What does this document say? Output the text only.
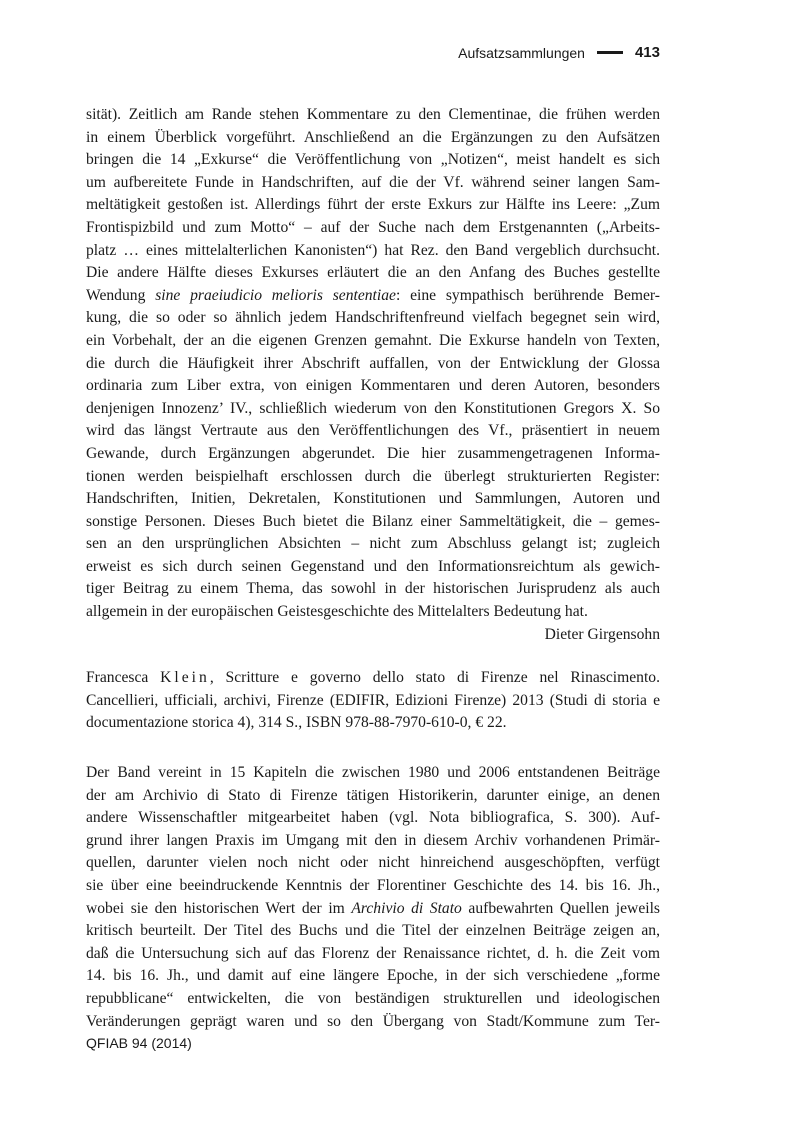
Aufsatzsammlungen	413
sität). Zeitlich am Rande stehen Kommentare zu den Clementinae, die frühen werden
in einem Überblick vorgeführt. Anschließend an die Ergänzungen zu den Aufsätzen
bringen die 14 „Exkurse“ die Veröffentlichung von „Notizen“, meist handelt es sich
um aufbereitete Funde in Handschriften, auf die der Vf. während seiner langen Sam-
meltätigkeit gestoßen ist. Allerdings führt der erste Exkurs zur Hälfte ins Leere: „Zum
Frontispizbild und zum Motto“ – auf der Suche nach dem Erstgenannten („Arbeits-
platz … eines mittelalterlichen Kanonisten“) hat Rez. den Band vergeblich durchsucht.
Die andere Hälfte dieses Exkurses erläutert die an den Anfang des Buches gestellte
Wendung sine praeiudicio melioris sententiae: eine sympathisch berührende Bemer-
kung, die so oder so ähnlich jedem Handschriftenfreund vielfach begegnet sein wird,
ein Vorbehalt, der an die eigenen Grenzen gemahnt. Die Exkurse handeln von Texten,
die durch die Häufigkeit ihrer Abschrift auffallen, von der Entwicklung der Glossa
ordinaria zum Liber extra, von einigen Kommentaren und deren Autoren, besonders
denjenigen Innozenz’ IV., schließlich wiederum von den Konstitutionen Gregors X. So
wird das längst Vertraute aus den Veröffentlichungen des Vf., präsentiert in neuem
Gewande, durch Ergänzungen abgerundet. Die hier zusammengetragenen Informa-
tionen werden beispielhaft erschlossen durch die überlegt strukturierten Register:
Handschriften, Initien, Dekretalen, Konstitutionen und Sammlungen, Autoren und
sonstige Personen. Dieses Buch bietet die Bilanz einer Sammeltätigkeit, die – gemes-
sen an den ursprünglichen Absichten – nicht zum Abschluss gelangt ist; zugleich
erweist es sich durch seinen Gegenstand und den Informationsreichtum als gewich-
tiger Beitrag zu einem Thema, das sowohl in der historischen Jurisprudenz als auch
allgemein in der europäischen Geistesgeschichte des Mittelalters Bedeutung hat.
Dieter Girgensohn
Francesca Klein, Scritture e governo dello stato di Firenze nel Rinascimento.
Cancellieri, ufficiali, archivi, Firenze (EDIFIR, Edizioni Firenze) 2013 (Studi di storia e
documentazione storica 4), 314 S., ISBN 978-88-7970-610-0, € 22.
Der Band vereint in 15 Kapiteln die zwischen 1980 und 2006 entstandenen Beiträge
der am Archivio di Stato di Firenze tätigen Historikerin, darunter einige, an denen
andere Wissenschaftler mitgearbeitet haben (vgl. Nota bibliografica, S. 300). Auf-
grund ihrer langen Praxis im Umgang mit den in diesem Archiv vorhandenen Primär-
quellen, darunter vielen noch nicht oder nicht hinreichend ausgeschöpften, verfügt
sie über eine beeindruckende Kenntnis der Florentiner Geschichte des 14. bis 16. Jh.,
wobei sie den historischen Wert der im Archivio di Stato aufbewahrten Quellen jeweils
kritisch beurteilt. Der Titel des Buchs und die Titel der einzelnen Beiträge zeigen an,
daß die Untersuchung sich auf das Florenz der Renaissance richtet, d. h. die Zeit vom
14. bis 16. Jh., und damit auf eine längere Epoche, in der sich verschiedene „forme
repubblicane“ entwickelten, die von beständigen strukturellen und ideologischen
Veränderungen geprägt waren und so den Übergang von Stadt/Kommune zum Ter-
QFIAB 94 (2014)
